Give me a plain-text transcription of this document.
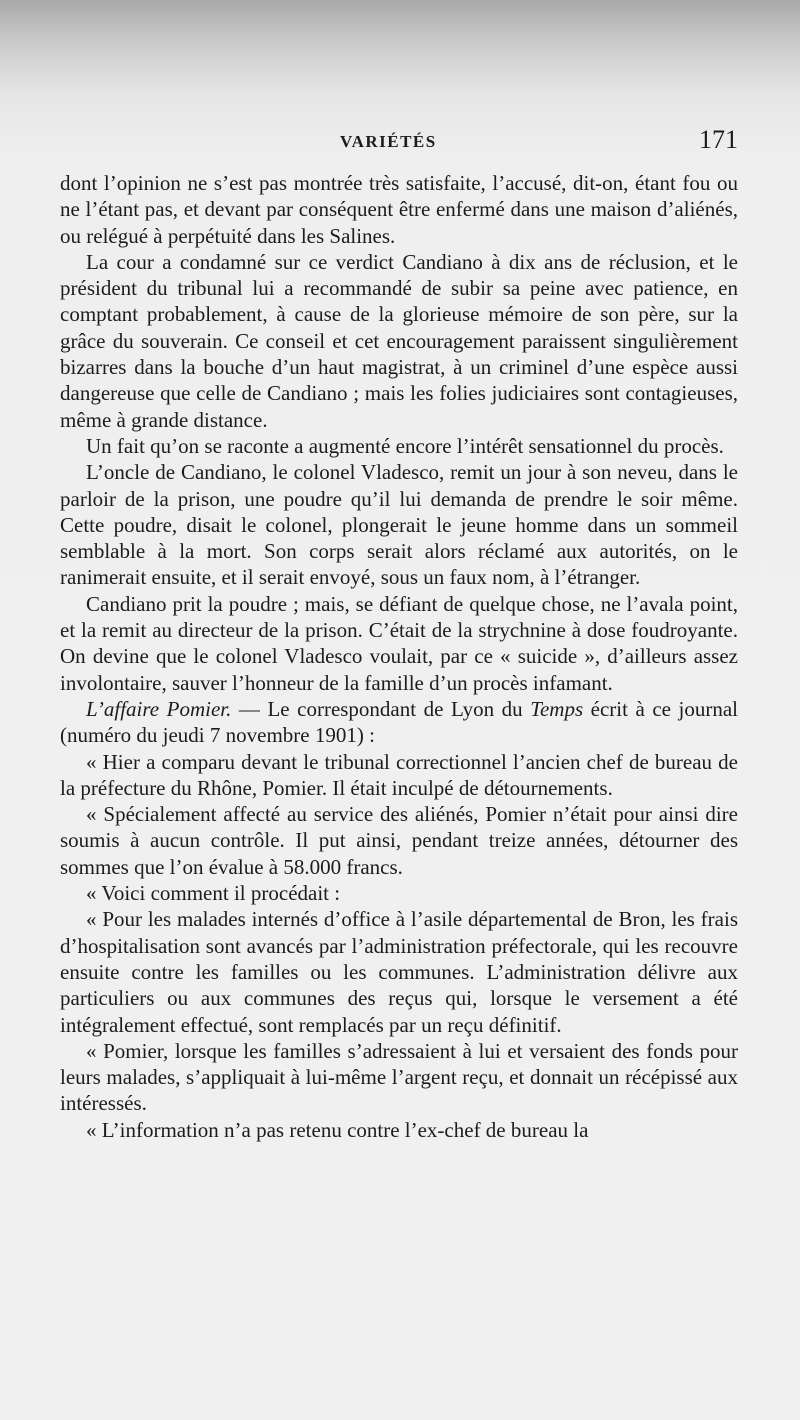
VARIÉTÉS	171

dont l’opinion ne s’est pas montrée très satisfaite, l’accusé, dit-on, étant fou ou ne l’étant pas, et devant par conséquent être enfermé dans une maison d’aliénés, ou relégué à perpétuité dans les Salines.

La cour a condamné sur ce verdict Candiano à dix ans de réclusion, et le président du tribunal lui a recommandé de subir sa peine avec patience, en comptant probablement, à cause de la glorieuse mémoire de son père, sur la grâce du souverain. Ce conseil et cet encouragement paraissent singulièrement bizarres dans la bouche d’un haut magistrat, à un criminel d’une espèce aussi dangereuse que celle de Candiano ; mais les folies judiciaires sont contagieuses, même à grande distance.

Un fait qu’on se raconte a augmenté encore l’intérêt sensationnel du procès.

L’oncle de Candiano, le colonel Vladesco, remit un jour à son neveu, dans le parloir de la prison, une poudre qu’il lui demanda de prendre le soir même. Cette poudre, disait le colonel, plongerait le jeune homme dans un sommeil semblable à la mort. Son corps serait alors réclamé aux autorités, on le ranimerait ensuite, et il serait envoyé, sous un faux nom, à l’étranger.

Candiano prit la poudre ; mais, se défiant de quelque chose, ne l’avala point, et la remit au directeur de la prison. C’était de la strychnine à dose foudroyante. On devine que le colonel Vladesco voulait, par ce « suicide », d’ailleurs assez involontaire, sauver l’honneur de la famille d’un procès infamant.

L’affaire Pomier. — Le correspondant de Lyon du Temps écrit à ce journal (numéro du jeudi 7 novembre 1901) :

« Hier a comparu devant le tribunal correctionnel l’ancien chef de bureau de la préfecture du Rhône, Pomier. Il était inculpé de détournements.

« Spécialement affecté au service des aliénés, Pomier n’était pour ainsi dire soumis à aucun contrôle. Il put ainsi, pendant treize années, détourner des sommes que l’on évalue à 58.000 francs.

« Voici comment il procédait :

« Pour les malades internés d’office à l’asile départemental de Bron, les frais d’hospitalisation sont avancés par l’administration préfectorale, qui les recouvre ensuite contre les familles ou les communes. L’administration délivre aux particuliers ou aux communes des reçus qui, lorsque le versement a été intégralement effectué, sont remplacés par un reçu définitif.

« Pomier, lorsque les familles s’adressaient à lui et versaient des fonds pour leurs malades, s’appliquait à lui-même l’argent reçu, et donnait un récépissé aux intéressés.

« L’information n’a pas retenu contre l’ex-chef de bureau la
